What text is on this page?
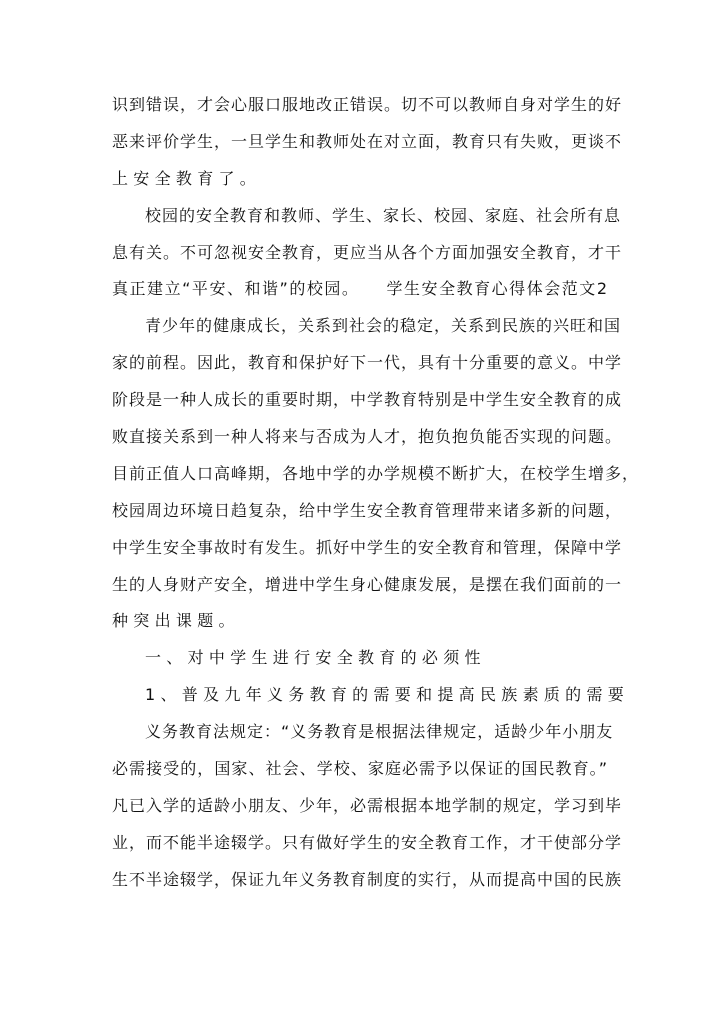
识到错误，才会心服口服地改正错误。切不可以教师自身对学生的好
恶来评价学生，一旦学生和教师处在对立面，教育只有失败，更谈不
上安全教育了。
校园的安全教育和教师、学生、家长、校园、家庭、社会所有息
息有关。不可忽视安全教育，更应当从各个方面加强安全教育，才干
真正建立“平安、和谐”的校园。　　学生安全教育心得体会范文2
青少年的健康成长，关系到社会的稳定，关系到民族的兴旺和国
家的前程。因此，教育和保护好下一代，具有十分重要的意义。中学
阶段是一种人成长的重要时期，中学教育特别是中学生安全教育的成
败直接关系到一种人将来与否成为人才，抱负抱负能否实现的问题。
目前正值人口高峰期，各地中学的办学规模不断扩大，在校学生增多，
校园周边环境日趋复杂，给中学生安全教育管理带来诸多新的问题，
中学生安全事故时有发生。抓好中学生的安全教育和管理，保障中学
生的人身财产安全，增进中学生身心健康发展，是摆在我们面前的一
种突出课题。
一、对中学生进行安全教育的必须性
1、普及九年义务教育的需要和提高民族素质的需要
义务教育法规定：“义务教育是根据法律规定，适龄少年小朋友
必需接受的，国家、社会、学校、家庭必需予以保证的国民教育。”
凡已入学的适龄小朋友、少年，必需根据本地学制的规定，学习到毕
业，而不能半途辍学。只有做好学生的安全教育工作，才干使部分学
生不半途辍学，保证九年义务教育制度的实行，从而提高中国的民族
